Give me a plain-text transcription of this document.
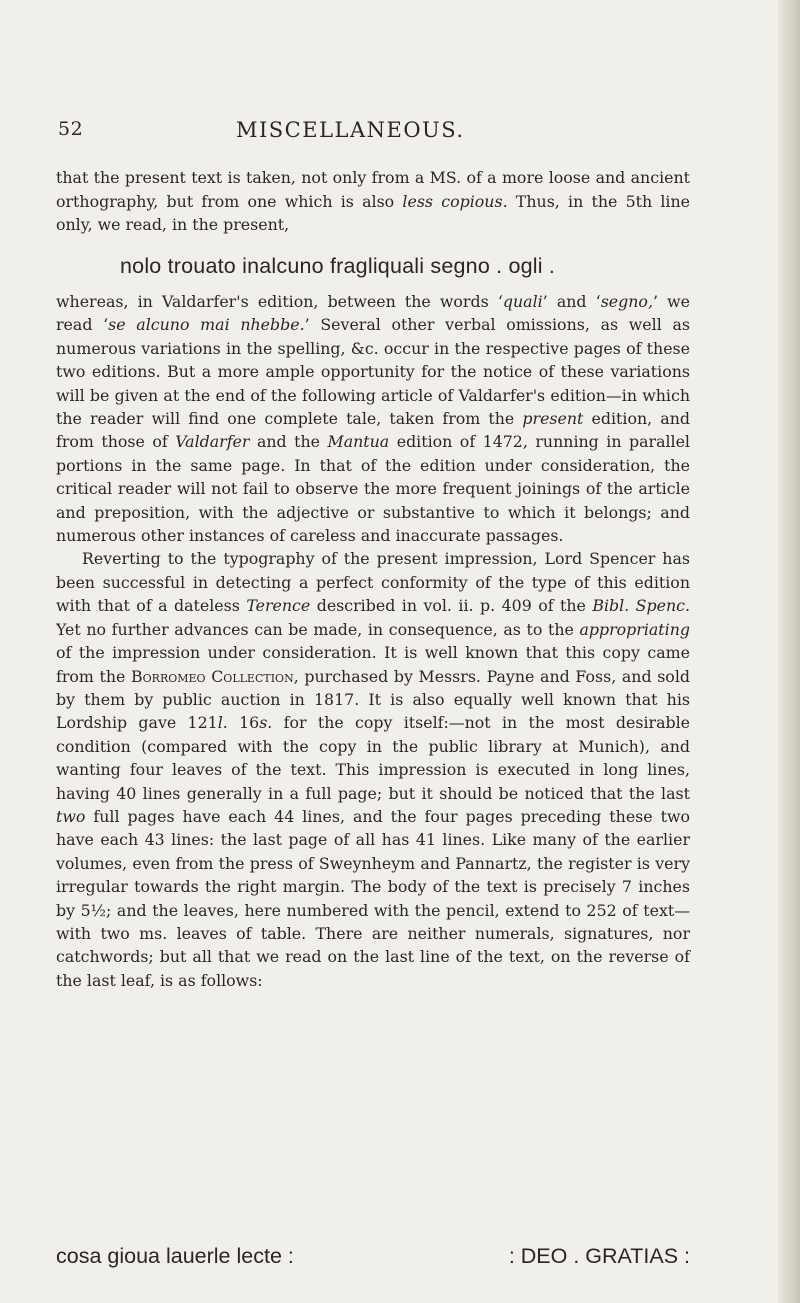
52	MISCELLANEOUS.

that the present text is taken, not only from a MS. of a more loose and ancient orthography, but from one which is also less copious. Thus, in the 5th line only, we read, in the present,

nolo trouato inalcuno fragliquali segno . ogli .

whereas, in Valdarfer's edition, between the words ‘quali’ and ‘segno,’ we read ‘se alcuno mai nhebbe.’ Several other verbal omissions, as well as numerous variations in the spelling, &c. occur in the respective pages of these two editions. But a more ample opportunity for the notice of these variations will be given at the end of the following article of Valdarfer's edition—in which the reader will find one complete tale, taken from the present edition, and from those of Valdarfer and the Mantua edition of 1472, running in parallel portions in the same page. In that of the edition under consideration, the critical reader will not fail to observe the more frequent joinings of the article and preposition, with the adjective or substantive to which it belongs; and numerous other instances of careless and inaccurate passages.

Reverting to the typography of the present impression, Lord Spencer has been successful in detecting a perfect conformity of the type of this edition with that of a dateless Terence described in vol. ii. p. 409 of the Bibl. Spenc. Yet no further advances can be made, in consequence, as to the appropriating of the impression under consideration. It is well known that this copy came from the Borromeo Collection, purchased by Messrs. Payne and Foss, and sold by them by public auction in 1817. It is also equally well known that his Lordship gave 121l. 16s. for the copy itself:—not in the most desirable condition (compared with the copy in the public library at Munich), and wanting four leaves of the text. This impression is executed in long lines, having 40 lines generally in a full page; but it should be noticed that the last two full pages have each 44 lines, and the four pages preceding these two have each 43 lines: the last page of all has 41 lines. Like many of the earlier volumes, even from the press of Sweynheym and Pannartz, the register is very irregular towards the right margin. The body of the text is precisely 7 inches by 5½; and the leaves, here numbered with the pencil, extend to 252 of text—with two ms. leaves of table. There are neither numerals, signatures, nor catchwords; but all that we read on the last line of the text, on the reverse of the last leaf, is as follows:

cosa gioua lauerle lecte :	: DEO . GRATIAS :
